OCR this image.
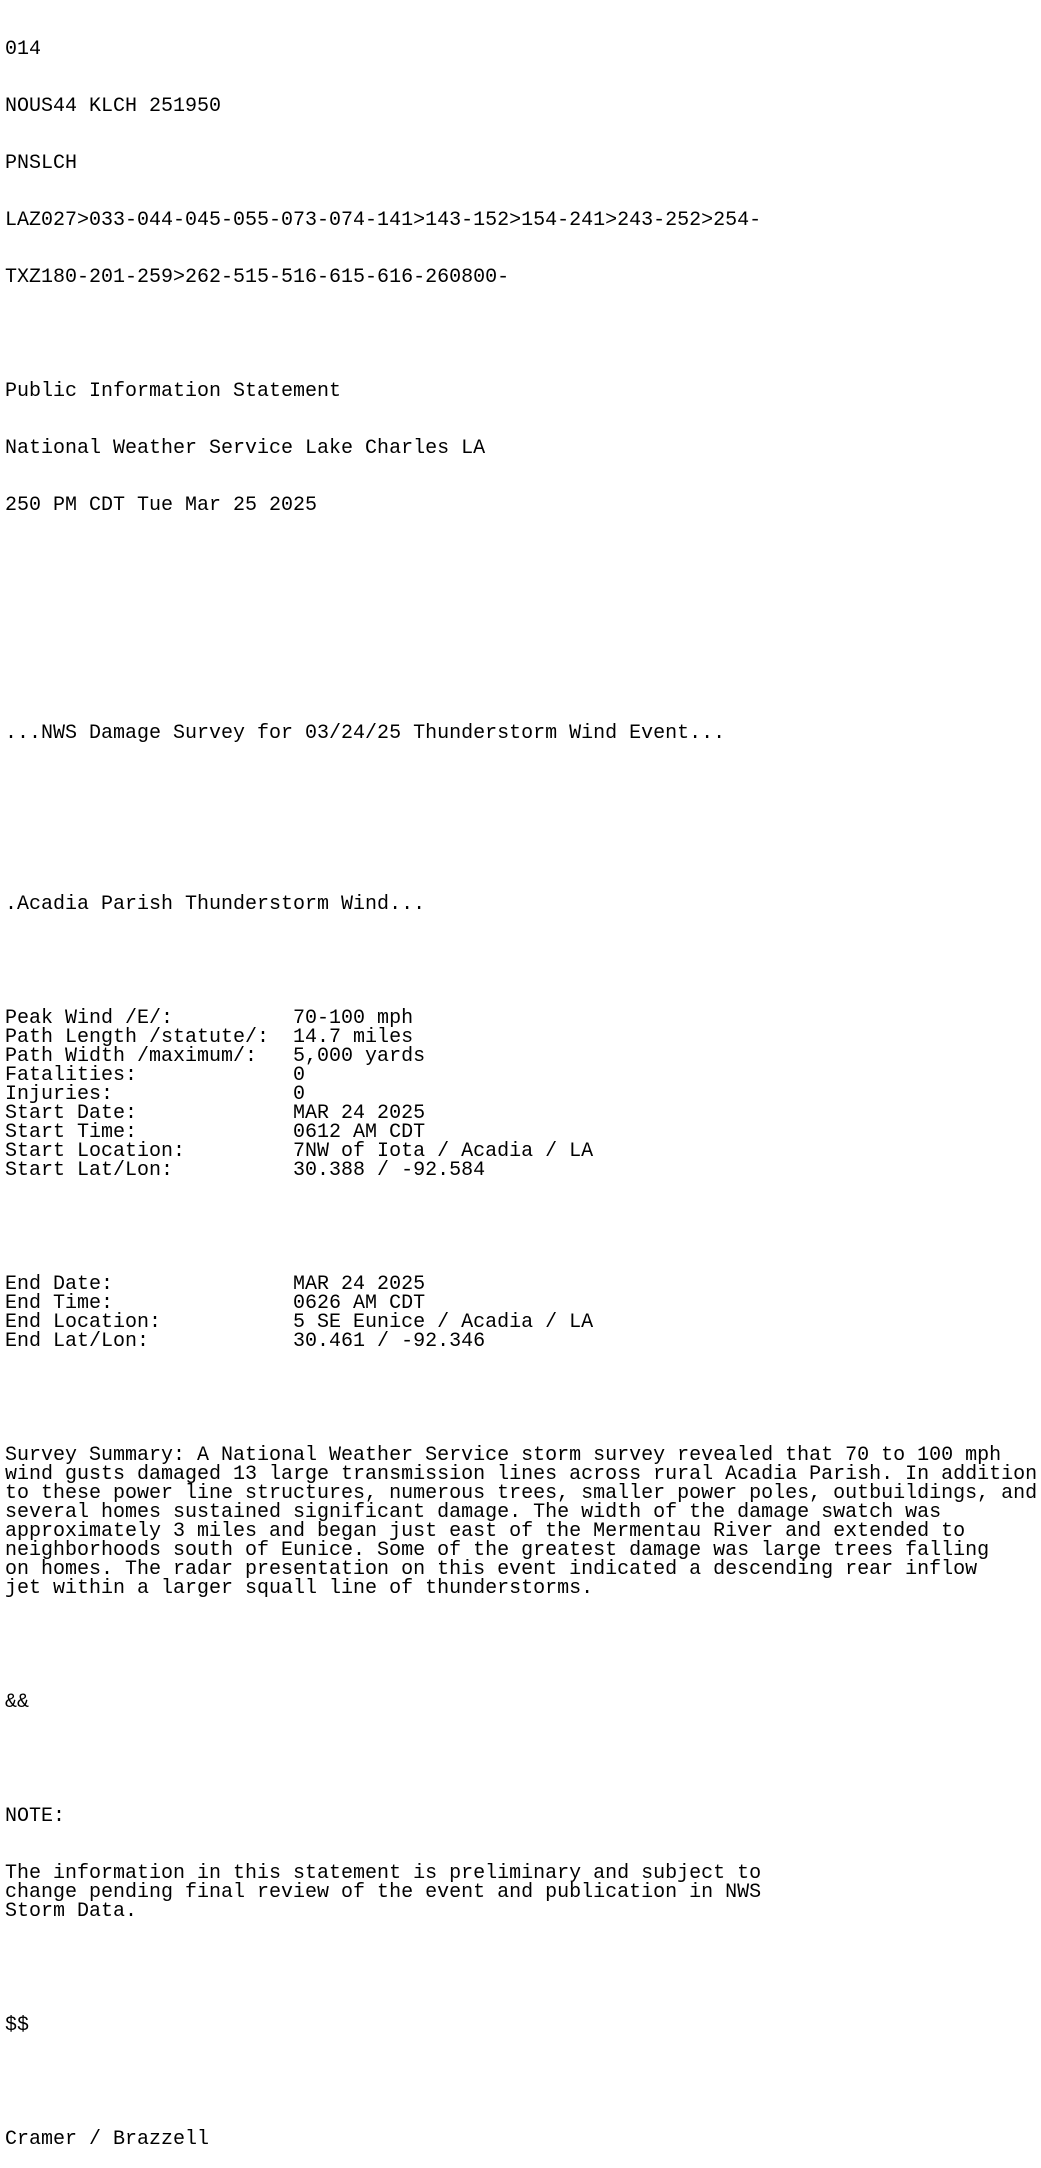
014

NOUS44 KLCH 251950

PNSLCH

LAZ027>033-044-045-055-073-074-141>143-152>154-241>243-252>254-

TXZ180-201-259>262-515-516-615-616-260800-

Public Information Statement

National Weather Service Lake Charles LA

250 PM CDT Tue Mar 25 2025

...NWS Damage Survey for 03/24/25 Thunderstorm Wind Event...

.Acadia Parish Thunderstorm Wind...

Peak Wind /E/:          70-100 mph
Path Length /statute/:  14.7 miles
Path Width /maximum/:   5,000 yards
Fatalities:             0
Injuries:               0
Start Date:             MAR 24 2025
Start Time:             0612 AM CDT
Start Location:         7NW of Iota / Acadia / LA
Start Lat/Lon:          30.388 / -92.584

End Date:               MAR 24 2025
End Time:               0626 AM CDT
End Location:           5 SE Eunice / Acadia / LA
End Lat/Lon:            30.461 / -92.346

Survey Summary: A National Weather Service storm survey revealed that 70 to 100 mph
wind gusts damaged 13 large transmission lines across rural Acadia Parish. In addition
to these power line structures, numerous trees, smaller power poles, outbuildings, and
several homes sustained significant damage. The width of the damage swatch was
approximately 3 miles and began just east of the Mermentau River and extended to
neighborhoods south of Eunice. Some of the greatest damage was large trees falling
on homes. The radar presentation on this event indicated a descending rear inflow
jet within a larger squall line of thunderstorms.

&&

NOTE:

The information in this statement is preliminary and subject to
change pending final review of the event and publication in NWS
Storm Data.

$$

Cramer / Brazzell
